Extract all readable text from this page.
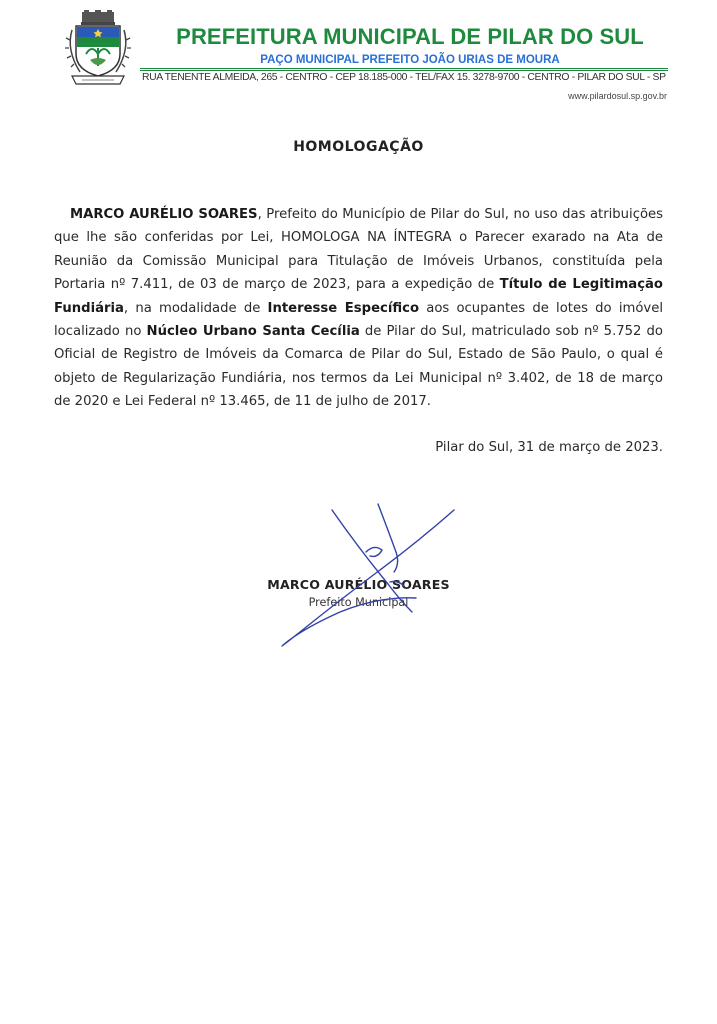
PREFEITURA MUNICIPAL DE PILAR DO SUL
PAÇO MUNICIPAL PREFEITO JOÃO URIAS DE MOURA
RUA TENENTE ALMEIDA, 265 - CENTRO - CEP 18.185-000 - TEL/FAX 15. 3278-9700 - CENTRO - PILAR DO SUL - SP
www.pilardosul.sp.gov.br
HOMOLOGAÇÃO
MARCO AURÉLIO SOARES, Prefeito do Município de Pilar do Sul, no uso das atribuições que lhe são conferidas por Lei, HOMOLOGA NA ÍNTEGRA o Parecer exarado na Ata de Reunião da Comissão Municipal para Titulação de Imóveis Urbanos, constituída pela Portaria nº 7.411, de 03 de março de 2023, para a expedição de Título de Legitimação Fundiária, na modalidade de Interesse Específico aos ocupantes de lotes do imóvel localizado no Núcleo Urbano Santa Cecília de Pilar do Sul, matriculado sob nº 5.752 do Oficial de Registro de Imóveis da Comarca de Pilar do Sul, Estado de São Paulo, o qual é objeto de Regularização Fundiária, nos termos da Lei Municipal nº 3.402, de 18 de março de 2020 e Lei Federal nº 13.465, de 11 de julho de 2017.
Pilar do Sul, 31 de março de 2023.
MARCO AURÉLIO SOARES
Prefeito Municipal
